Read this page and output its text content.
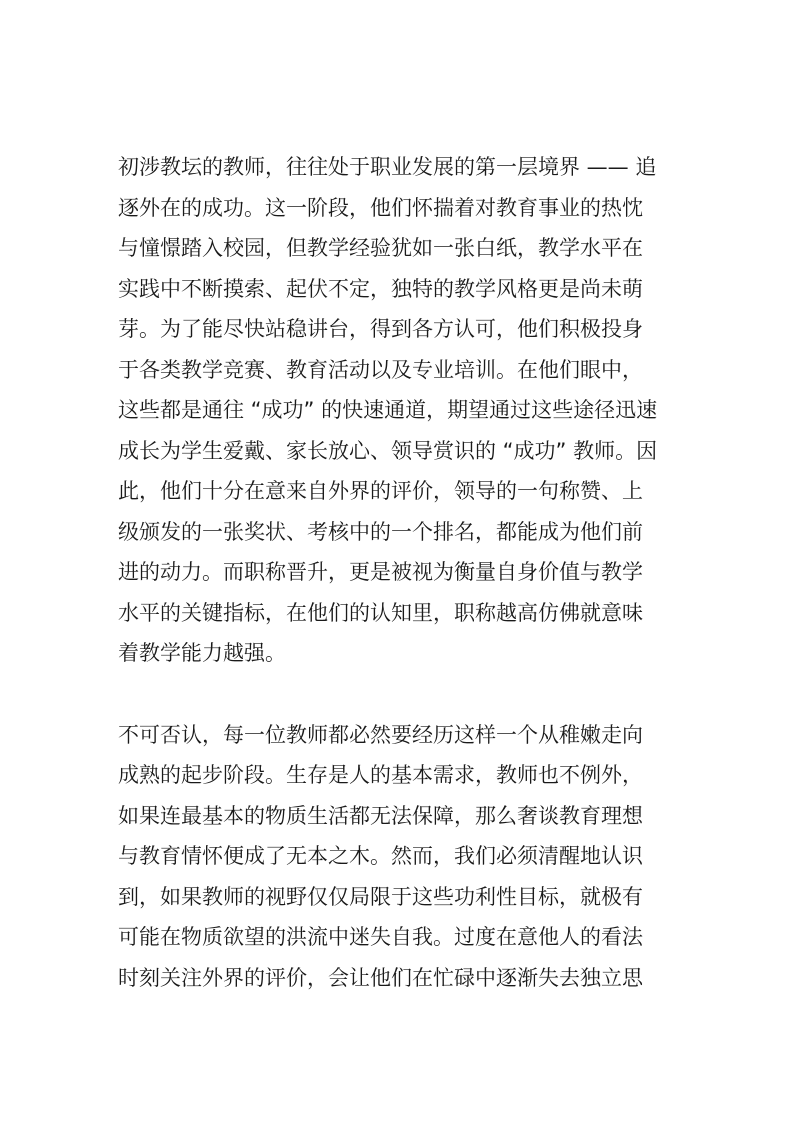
初涉教坛的教师，往往处于职业发展的第一层境界 —— 追
逐外在的成功。这一阶段，他们怀揣着对教育事业的热忱
与憧憬踏入校园，但教学经验犹如一张白纸，教学水平在
实践中不断摸索、起伏不定，独特的教学风格更是尚未萌
芽。为了能尽快站稳讲台，得到各方认可，他们积极投身
于各类教学竞赛、教育活动以及专业培训。在他们眼中，
这些都是通往 “成功” 的快速通道，期望通过这些途径迅速
成长为学生爱戴、家长放心、领导赏识的 “成功” 教师。因
此，他们十分在意来自外界的评价，领导的一句称赞、上
级颁发的一张奖状、考核中的一个排名，都能成为他们前
进的动力。而职称晋升，更是被视为衡量自身价值与教学
水平的关键指标，在他们的认知里，职称越高仿佛就意味
着教学能力越强。
不可否认，每一位教师都必然要经历这样一个从稚嫩走向
成熟的起步阶段。生存是人的基本需求，教师也不例外，
如果连最基本的物质生活都无法保障，那么奢谈教育理想
与教育情怀便成了无本之木。然而，我们必须清醒地认识
到，如果教师的视野仅仅局限于这些功利性目标，就极有
可能在物质欲望的洪流中迷失自我。过度在意他人的看法
时刻关注外界的评价，会让他们在忙碌中逐渐失去独立思
